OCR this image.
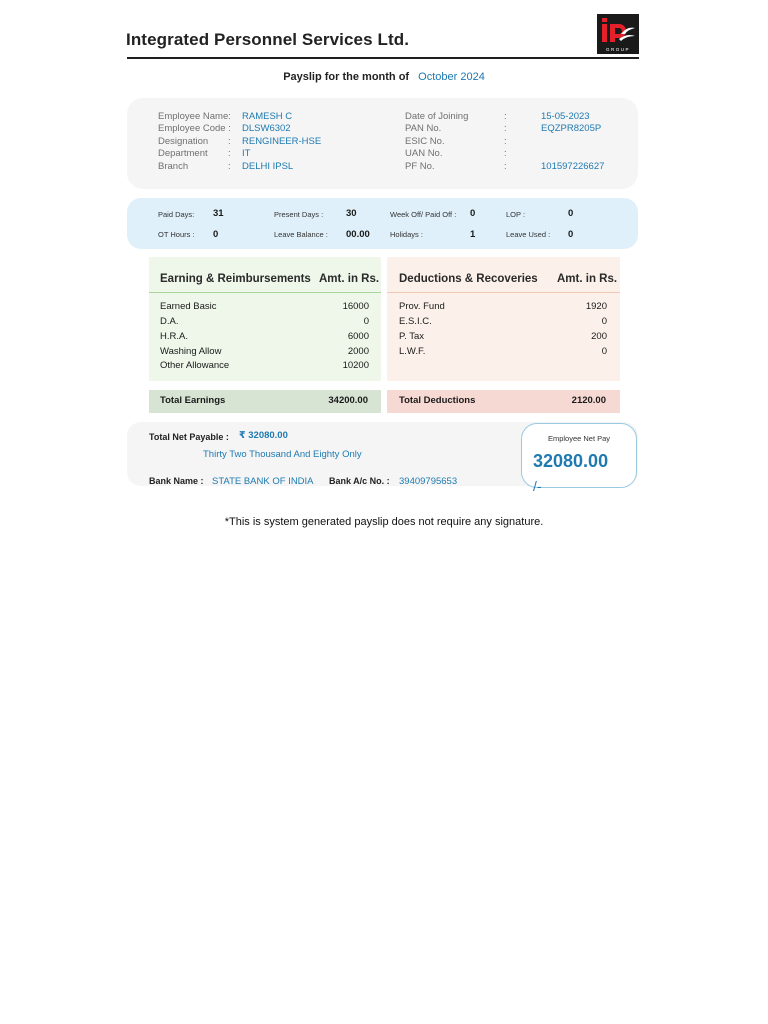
Integrated Personnel Services Ltd.
GROUP
Payslip for the month of October 2024
Employee Name: RAMESH C
Employee Code : DLSW6302
Designation : RENGINEER-HSE
Department : IT
Branch	: DELHI IPSL
Date of Joining	:	15-05-2023
PAN No.	:	EQZPR8205P
ESIC No.	:
UAN No.	:
PF No.	:	101597226627
Paid Days: 31	Present Days : 30	Week Off/ Paid Off : 0	LOP :	0
OT Hours : 0	Leave Balance : 00.00	Holidays :	1	Leave Used : 0
Earning & Reimbursements Amt. in Rs.
Earned Basic	16000
D.A.	0
H.R.A.	6000
Washing Allow	2000
Other Allowance	10200
Deductions & Recoveries Amt. in Rs.
Prov. Fund	1920
E.S.I.C.	0
P. Tax	200
L.W.F.	0
Total Earnings	34200.00	Total Deductions	2120.00
Total Net Payable : ₹ 32080.00
Thirty Two Thousand And Eighty Only
Bank Name : STATE BANK OF INDIA Bank A/c No. : 39409795653
Employee Net Pay
32080.00
/-
*This is system generated payslip does not require any signature.
